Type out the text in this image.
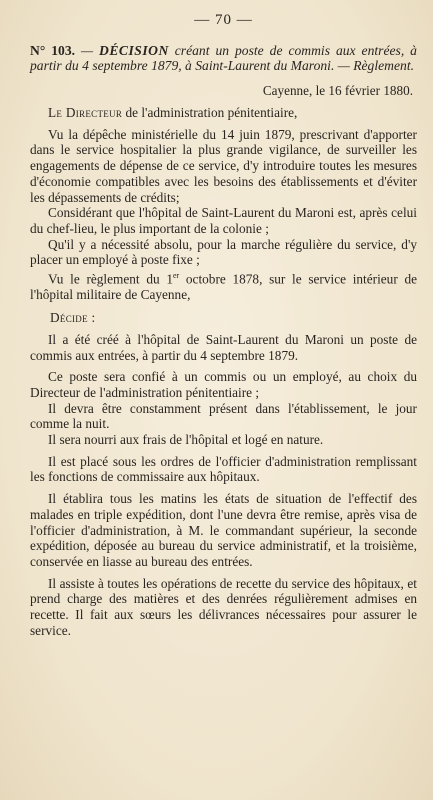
— 70 —

N° 103. — DÉCISION créant un poste de commis aux entrées, à partir du 4 septembre 1879, à Saint-Laurent du Maroni. — Règlement.

Cayenne, le 16 février 1880.

Le Directeur de l'administration pénitentiaire,

Vu la dépêche ministérielle du 14 juin 1879, prescrivant d'apporter dans le service hospitalier la plus grande vigilance, de surveiller les engagements de dépense de ce service, d'y introduire toutes les mesures d'économie compatibles avec les besoins des établissements et d'éviter les dépassements de crédits;

Considérant que l'hôpital de Saint-Laurent du Maroni est, après celui du chef-lieu, le plus important de la colonie ;

Qu'il y a nécessité absolu, pour la marche régulière du service, d'y placer un employé à poste fixe ;

Vu le règlement du 1er octobre 1878, sur le service intérieur de l'hôpital militaire de Cayenne,

Décide :

Il a été créé à l'hôpital de Saint-Laurent du Maroni un poste de commis aux entrées, à partir du 4 septembre 1879.

Ce poste sera confié à un commis ou un employé, au choix du Directeur de l'administration pénitentiaire ;

Il devra être constamment présent dans l'établissement, le jour comme la nuit.

Il sera nourri aux frais de l'hôpital et logé en nature.

Il est placé sous les ordres de l'officier d'administration remplissant les fonctions de commissaire aux hôpitaux.

Il établira tous les matins les états de situation de l'effectif des malades en triple expédition, dont l'une devra être remise, après visa de l'officier d'administration, à M. le commandant supérieur, la seconde expédition, déposée au bureau du service administratif, et la troisième, conservée en liasse au bureau des entrées.

Il assiste à toutes les opérations de recette du service des hôpitaux, et prend charge des matières et des denrées régulièrement admises en recette. Il fait aux sœurs les délivrances nécessaires pour assurer le service.
